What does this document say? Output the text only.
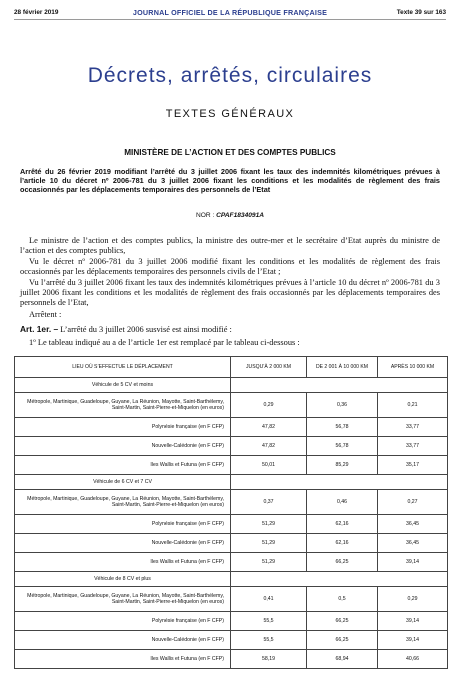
28 février 2019	JOURNAL OFFICIEL DE LA RÉPUBLIQUE FRANÇAISE	Texte 39 sur 163
Décrets, arrêtés, circulaires
TEXTES GÉNÉRAUX
MINISTÈRE DE L’ACTION ET DES COMPTES PUBLICS
Arrêté du 26 février 2019 modifiant l’arrêté du 3 juillet 2006 fixant les taux des indemnités kilométriques prévues à l’article 10 du décret nº 2006-781 du 3 juillet 2006 fixant les conditions et les modalités de règlement des frais occasionnés par les déplacements temporaires des personnels de l’Etat
NOR : CPAF1834091A

Le ministre de l’action et des comptes publics, la ministre des outre-mer et le secrétaire d’Etat auprès du ministre de l’action et des comptes publics,

Vu le décret nº 2006-781 du 3 juillet 2006 modifié fixant les conditions et les modalités de règlement des frais occasionnés par les déplacements temporaires des personnels civils de l’Etat ;

Vu l’arrêté du 3 juillet 2006 fixant les taux des indemnités kilométriques prévues à l’article 10 du décret nº 2006-781 du 3 juillet 2006 fixant les conditions et les modalités de règlement des frais occasionnés par les déplacements temporaires des personnels de l’Etat,

Arrêtent :

Art. 1er. – L’arrêté du 3 juillet 2006 susvisé est ainsi modifié :
1º Le tableau indiqué au a de l’article 1er est remplacé par le tableau ci-dessous :
LIEU OÙ S’EFFECTUE LE DÉPLACEMENT	JUSQU’À 2 000 KM	DE 2 001 À 10 000 KM	APRÈS 10 000 KM
Véhicule de 5 CV et moins			
Métropole, Martinique, Guadeloupe, Guyane, La Réunion, Mayotte, Saint-Barthélemy, Saint-Martin, Saint-Pierre-et-Miquelon (en euros)	0,29	0,36	0,21
Polynésie française (en F CFP)	47,82	56,78	33,77
Nouvelle-Calédonie (en F CFP)	47,82	56,78	33,77
Iles Wallis et Futuna (en F CFP)	50,01	85,29	35,17
Véhicule de 6 CV et 7 CV			
Métropole, Martinique, Guadeloupe, Guyane, La Réunion, Mayotte, Saint-Barthélemy, Saint-Martin, Saint-Pierre-et-Miquelon (en euros)	0,37	0,46	0,27
Polynésie française (en F CFP)	51,29	62,16	36,45
Nouvelle-Calédonie (en F CFP)	51,29	62,16	36,45
Iles Wallis et Futuna (en F CFP)	51,29	66,25	39,14
Véhicule de 8 CV et plus			
Métropole, Martinique, Guadeloupe, Guyane, La Réunion, Mayotte, Saint-Barthélemy, Saint-Martin, Saint-Pierre-et-Miquelon (en euros)	0,41	0,5	0,29
Polynésie française (en F CFP)	55,5	66,25	39,14
Nouvelle-Calédonie (en F CFP)	55,5	66,25	39,14
Iles Wallis et Futuna (en F CFP)	58,19	68,94	40,66
